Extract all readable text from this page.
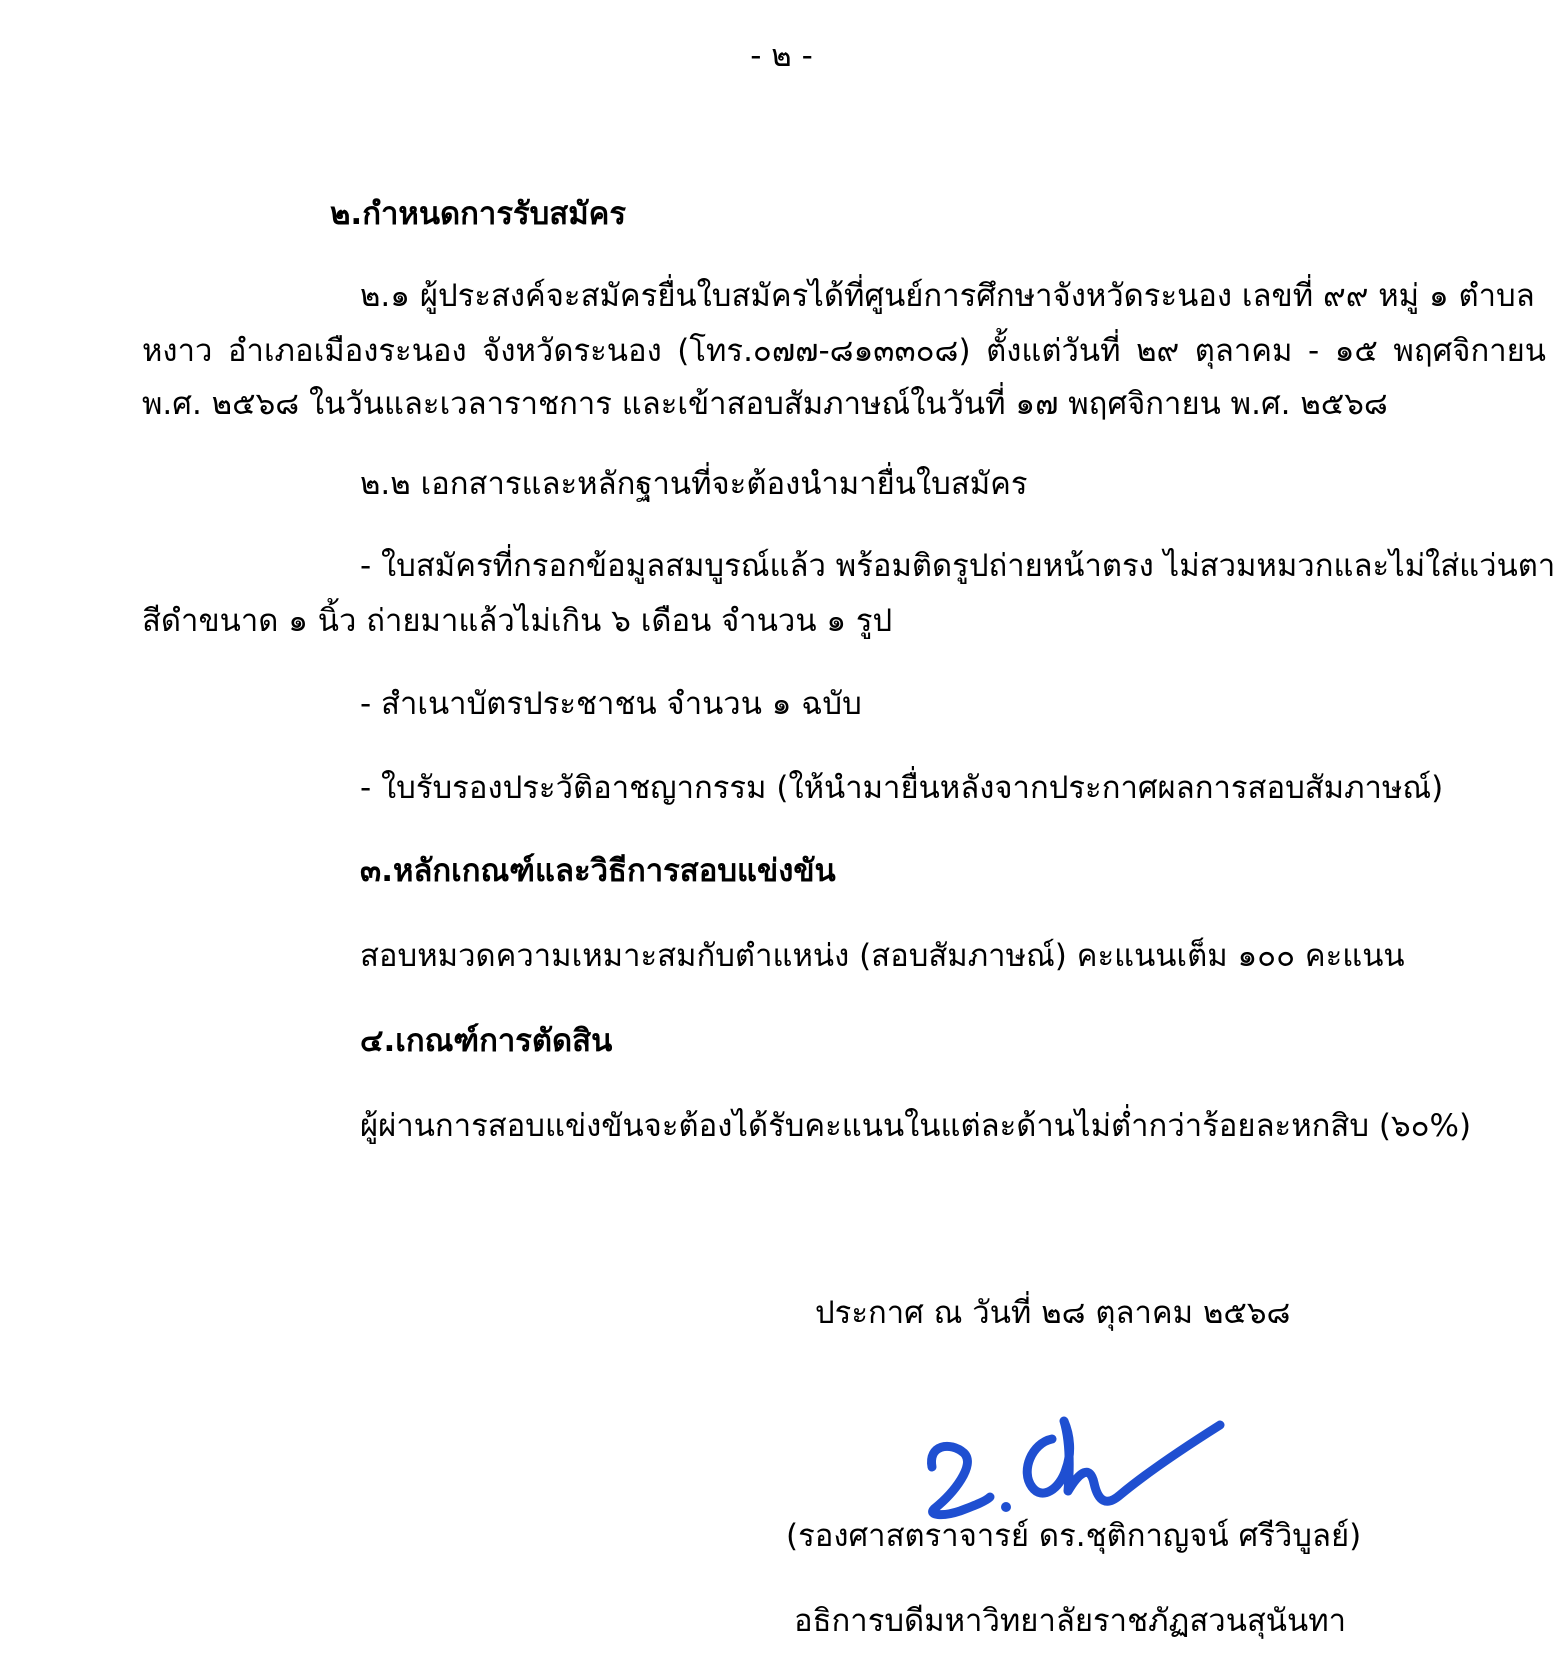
- ๒ -
๒.กำหนดการรับสมัคร
๒.๑ ผู้ประสงค์จะสมัครยื่นใบสมัครได้ที่ศูนย์การศึกษาจังหวัดระนอง เลขที่ ๙๙ หมู่ ๑ ตำบล
หงาว อำเภอเมืองระนอง จังหวัดระนอง (โทร.๐๗๗-๘๑๓๓๐๘) ตั้งแต่วันที่ ๒๙ ตุลาคม - ๑๕ พฤศจิกายน
พ.ศ. ๒๕๖๘ ในวันและเวลาราชการ และเข้าสอบสัมภาษณ์ในวันที่ ๑๗ พฤศจิกายน พ.ศ. ๒๕๖๘
๒.๒ เอกสารและหลักฐานที่จะต้องนำมายื่นใบสมัคร
- ใบสมัครที่กรอกข้อมูลสมบูรณ์แล้ว พร้อมติดรูปถ่ายหน้าตรง ไม่สวมหมวกและไม่ใส่แว่นตา
สีดำขนาด ๑ นิ้ว ถ่ายมาแล้วไม่เกิน ๖ เดือน จำนวน ๑ รูป
- สำเนาบัตรประชาชน จำนวน ๑ ฉบับ
- ใบรับรองประวัติอาชญากรรม (ให้นำมายื่นหลังจากประกาศผลการสอบสัมภาษณ์)
๓.หลักเกณฑ์และวิธีการสอบแข่งขัน
สอบหมวดความเหมาะสมกับตำแหน่ง (สอบสัมภาษณ์) คะแนนเต็ม ๑๐๐ คะแนน
๔.เกณฑ์การตัดสิน
ผู้ผ่านการสอบแข่งขันจะต้องได้รับคะแนนในแต่ละด้านไม่ต่ำกว่าร้อยละหกสิบ (๖๐%)
ประกาศ ณ วันที่ ๒๘ ตุลาคม ๒๕๖๘
(รองศาสตราจารย์ ดร.ชุติกาญจน์ ศรีวิบูลย์)
อธิการบดีมหาวิทยาลัยราชภัฏสวนสุนันทา
